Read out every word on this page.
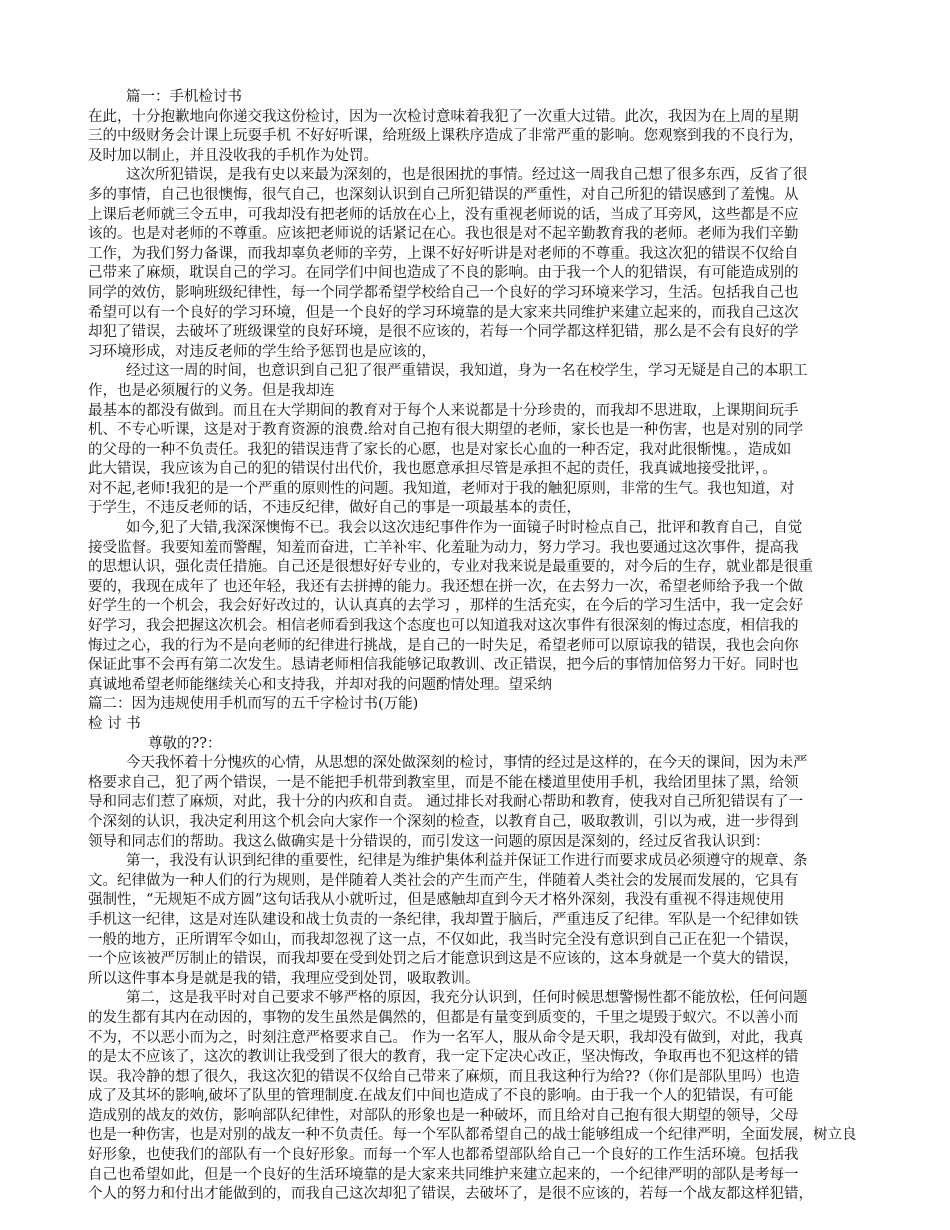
篇一：手机检讨书
在此，十分抱歉地向你递交我这份检讨，因为一次检讨意味着我犯了一次重大过错。此次，我因为在上周的星期
三的中级财务会计课上玩耍手机 不好好听课，给班级上课秩序造成了非常严重的影响。您观察到我的不良行为，
及时加以制止，并且没收我的手机作为处罚。
这次所犯错误，是我有史以来最为深刻的，也是很困扰的事情。经过这一周我自己想了很多东西，反省了很
多的事情，自己也很懊悔，很气自己，也深刻认识到自己所犯错误的严重性，对自己所犯的错误感到了羞愧。从
上课后老师就三令五申，可我却没有把老师的话放在心上，没有重视老师说的话，当成了耳旁风，这些都是不应
该的。也是对老师的不尊重。应该把老师说的话紧记在心。我也很是对不起辛勤教育我的老师。老师为我们辛勤
工作，为我们努力备课，而我却辜负老师的辛劳，上课不好好听讲是对老师的不尊重。我这次犯的错误不仅给自
己带来了麻烦，耽误自己的学习。在同学们中间也造成了不良的影响。由于我一个人的犯错误，有可能造成别的
同学的效仿，影响班级纪律性，每一个同学都希望学校给自己一个良好的学习环境来学习，生活。包括我自己也
希望可以有一个良好的学习环境，但是一个良好的学习环境靠的是大家来共同维护来建立起来的，而我自己这次
却犯了错误，去破坏了班级课堂的良好环境，是很不应该的，若每一个同学都这样犯错，那么是不会有良好的学
习环境形成，对违反老师的学生给予惩罚也是应该的，
经过这一周的时间，也意识到自己犯了很严重错误，我知道，身为一名在校学生，学习无疑是自己的本职工
作，也是必须履行的义务。但是我却连
最基本的都没有做到。而且在大学期间的教育对于每个人来说都是十分珍贵的，而我却不思进取，上课期间玩手
机、不专心听课，这是对于教育资源的浪费.给对自己抱有很大期望的老师，家长也是一种伤害，也是对别的同学
的父母的一种不负责任。我犯的错误违背了家长的心愿，也是对家长心血的一种否定，我对此很惭愧。，造成如
此大错误，我应该为自己的犯的错误付出代价，我也愿意承担尽管是承担不起的责任，我真诚地接受批评，。
对不起,老师!我犯的是一个严重的原则性的问题。我知道，老师对于我的触犯原则，非常的生气。我也知道，对
于学生，不违反老师的话，不违反纪律，做好自己的事是一项最基本的责任，
如今,犯了大错,我深深懊悔不已。我会以这次违纪事件作为一面镜子时时检点自己，批评和教育自己，自觉
接受监督。我要知羞而警醒，知羞而奋进，亡羊补牢、化羞耻为动力，努力学习。我也要通过这次事件，提高我
的思想认识，强化责任措施。自己还是很想好好专业的，专业对我来说是最重要的，对今后的生存，就业都是很重
要的，我现在成年了 也还年轻，我还有去拼搏的能力。我还想在拼一次，在去努力一次，希望老师给予我一个做
好学生的一个机会，我会好好改过的，认认真真的去学习 ，那样的生活充实，在今后的学习生活中，我一定会好
好学习，我会把握这次机会。相信老师看到我这个态度也可以知道我对这次事件有很深刻的悔过态度，相信我的
悔过之心，我的行为不是向老师的纪律进行挑战，是自己的一时失足，希望老师可以原谅我的错误，我也会向你
保证此事不会再有第二次发生。恳请老师相信我能够记取教训、改正错误，把今后的事情加倍努力干好。同时也
真诚地希望老师能继续关心和支持我，并却对我的问题酌情处理。望采纳
篇二：因为违规使用手机而写的五千字检讨书(万能)
检 讨 书
尊敬的??：
今天我怀着十分愧疚的心情，从思想的深处做深刻的检讨，事情的经过是这样的，在今天的课间，因为未严
格要求自己，犯了两个错误，一是不能把手机带到教室里，而是不能在楼道里使用手机，我给团里抹了黑，给领
导和同志们惹了麻烦，对此，我十分的内疚和自责。 通过排长对我耐心帮助和教育，使我对自己所犯错误有了一
个深刻的认识，我决定利用这个机会向大家作一个深刻的检查，以教育自己，吸取教训，引以为戒，进一步得到
领导和同志们的帮助。我这么做确实是十分错误的，而引发这一问题的原因是深刻的，经过反省我认识到：
第一，我没有认识到纪律的重要性，纪律是为维护集体利益并保证工作进行而要求成员必须遵守的规章、条
文。纪律做为一种人们的行为规则，是伴随着人类社会的产生而产生，伴随着人类社会的发展而发展的，它具有
强制性，“无规矩不成方圆”这句话我从小就听过，但是感触却直到今天才格外深刻，我没有重视不得违规使用
手机这一纪律，这是对连队建设和战士负责的一条纪律，我却置于脑后，严重违反了纪律。军队是一个纪律如铁
一般的地方，正所谓军令如山，而我却忽视了这一点，不仅如此，我当时完全没有意识到自己正在犯一个错误，
一个应该被严厉制止的错误，而我却要在受到处罚之后才能意识到这是不应该的，这本身就是一个莫大的错误，
所以这件事本身是就是我的错，我理应受到处罚，吸取教训。
第二，这是我平时对自己要求不够严格的原因，我充分认识到，任何时候思想警惕性都不能放松，任何问题
的发生都有其内在动因的，事物的发生虽然是偶然的，但都是有量变到质变的，千里之堤毁于蚁穴。不以善小而
不为，不以恶小而为之，时刻注意严格要求自己。 作为一名军人，服从命令是天职，我却没有做到，对此，我真
的是太不应该了，这次的教训让我受到了很大的教育，我一定下定决心改正，坚决悔改，争取再也不犯这样的错
误。我冷静的想了很久，我这次犯的错误不仅给自己带来了麻烦，而且我这种行为给??（你们是部队里吗）也造
成了及其坏的影响,破坏了队里的管理制度.在战友们中间也造成了不良的影响。由于我一个人的犯错误，有可能
造成别的战友的效仿，影响部队纪律性，对部队的形象也是一种破坏，而且给对自己抱有很大期望的领导，父母
也是一种伤害，也是对别的战友一种不负责任。每一个军队都希望自己的战士能够组成一个纪律严明，全面发展，树立良
好形象，也使我们的部队有一个良好形象。而每一个军人也都希望部队给自己一个良好的工作生活环境。包括我
自己也希望如此，但是一个良好的生活环境靠的是大家来共同维护来建立起来的，一个纪律严明的部队是考每一
个人的努力和付出才能做到的，而我自己这次却犯了错误，去破坏了，是很不应该的，若每一个战友都这样犯错，
